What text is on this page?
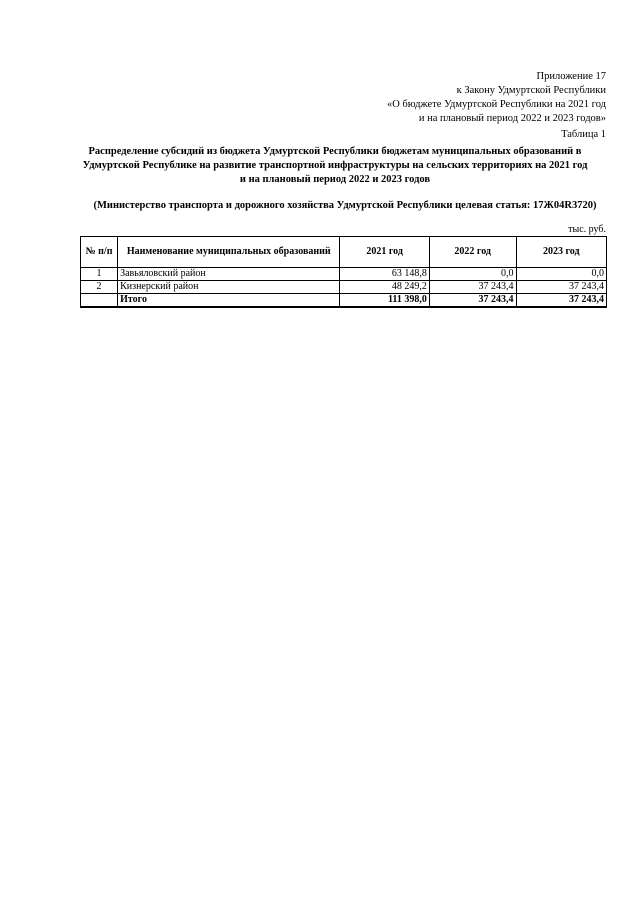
Приложение 17
к Закону Удмуртской Республики
«О бюджете Удмуртской Республики на 2021 год
и на плановый период 2022 и 2023 годов»
Таблица 1
Распределение субсидий из бюджета Удмуртской Республики бюджетам муниципальных образований в Удмуртской Республике на развитие транспортной инфраструктуры на сельских территориях на 2021 год и на плановый период 2022 и 2023 годов
(Министерство транспорта и дорожного хозяйства Удмуртской Республики целевая статья: 17Ж04R3720)
тыс. руб.
№ п/п	Наименование муниципальных образований	2021 год	2022 год	2023 год
1	Завьяловский район	63 148,8	0,0	0,0
2	Кизнерский район	48 249,2	37 243,4	37 243,4
	Итого	111 398,0	37 243,4	37 243,4
